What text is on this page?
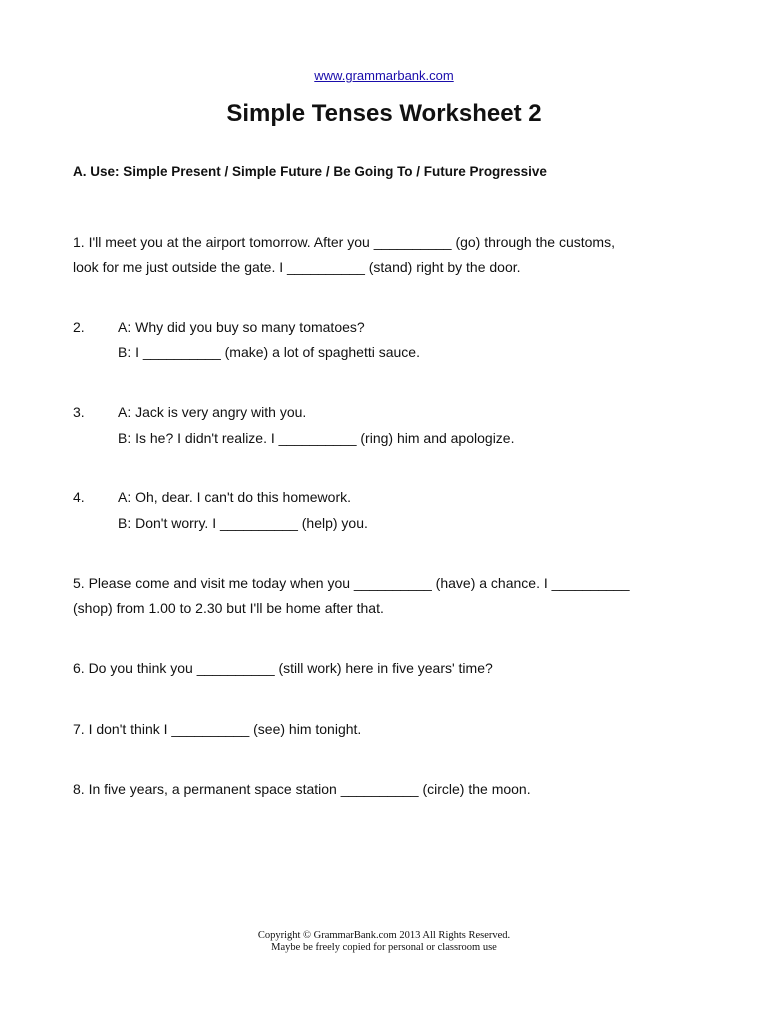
www.grammarbank.com
Simple Tenses Worksheet 2
A. Use: Simple Present / Simple Future / Be Going To / Future Progressive
1. I'll meet you at the airport tomorrow. After you __________ (go) through the customs,
look for me just outside the gate. I __________ (stand) right by the door.
2. A: Why did you buy so many tomatoes?
B: I __________ (make) a lot of spaghetti sauce.
3. A: Jack is very angry with you.
B: Is he? I didn't realize. I __________ (ring) him and apologize.
4. A: Oh, dear. I can't do this homework.
B: Don't worry. I __________ (help) you.
5. Please come and visit me today when you __________ (have) a chance. I __________
(shop) from 1.00 to 2.30 but I'll be home after that.
6. Do you think you __________ (still work) here in five years' time?
7. I don't think I __________ (see) him tonight.
8. In five years, a permanent space station __________ (circle) the moon.
Copyright © GrammarBank.com 2013 All Rights Reserved.
Maybe be freely copied for personal or classroom use
